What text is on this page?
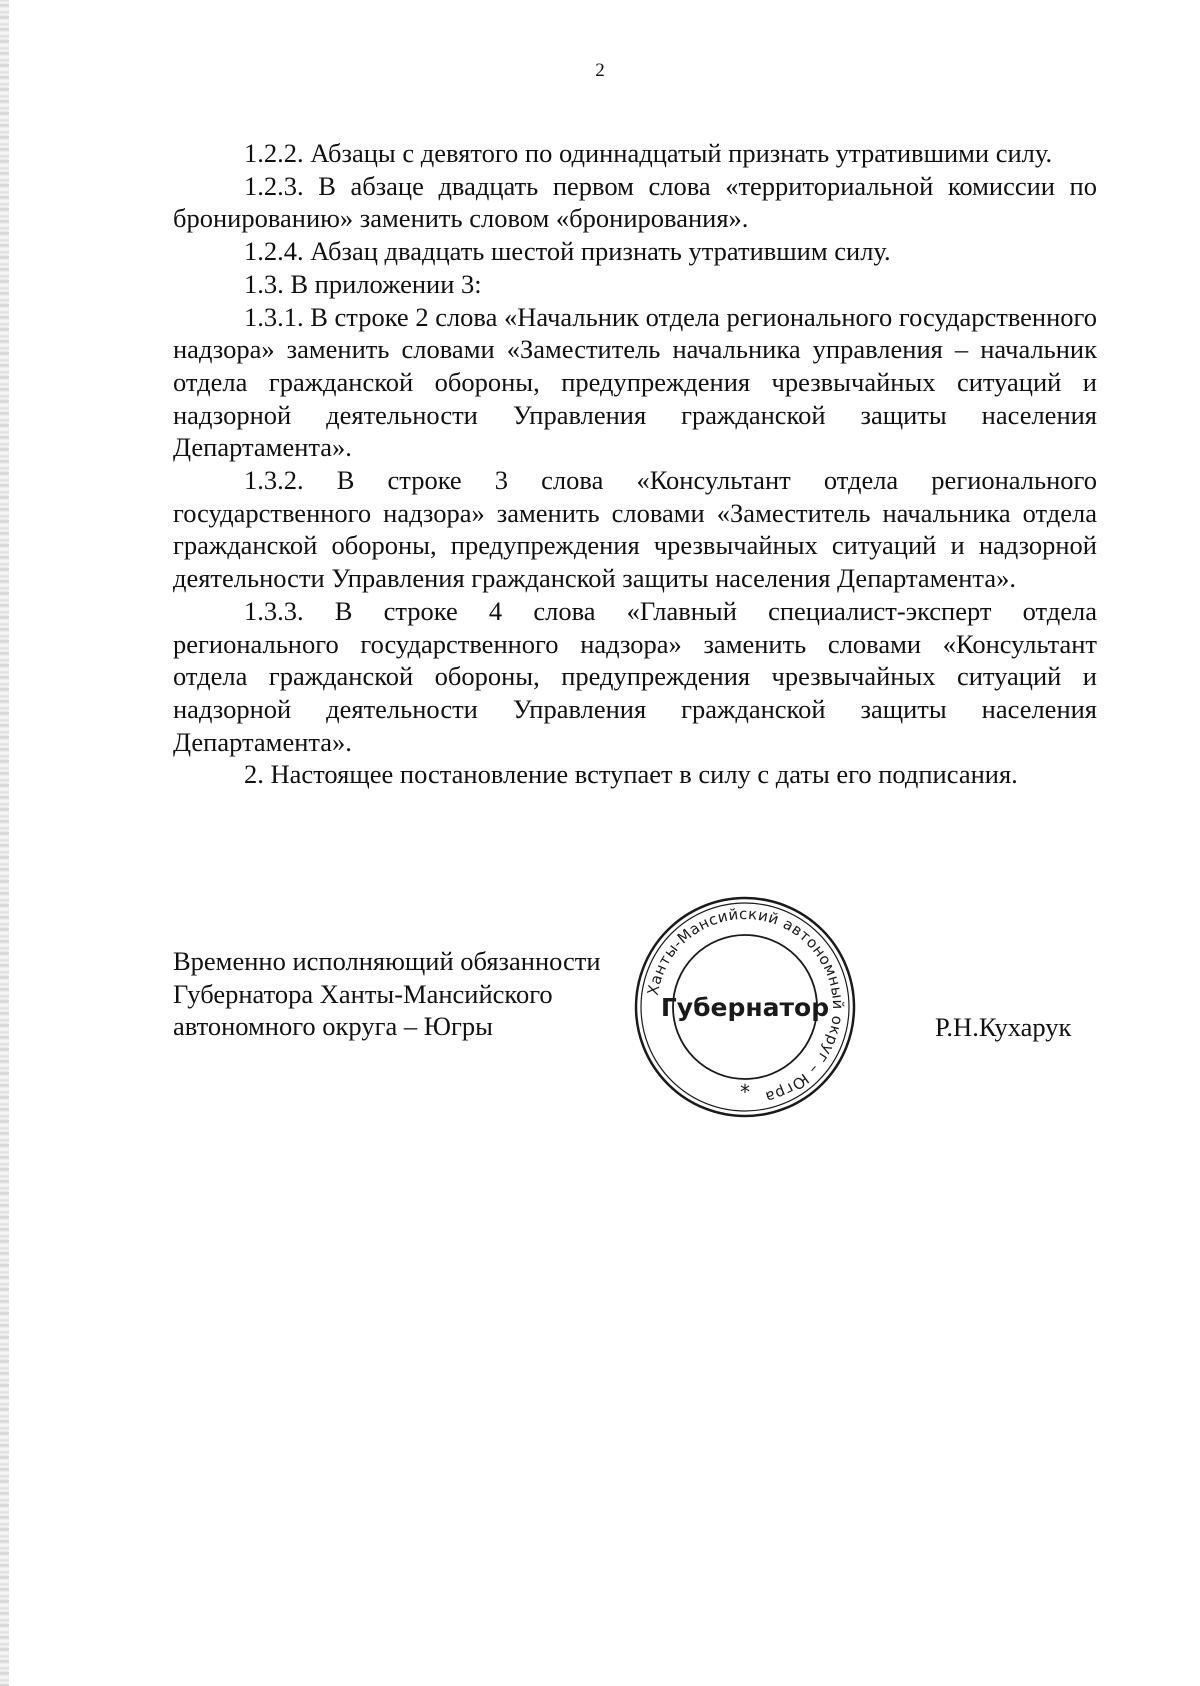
2

1.2.2. Абзацы с девятого по одиннадцатый признать утратившими силу.

1.2.3. В абзаце двадцать первом слова «территориальной комиссии по бронированию» заменить словом «бронирования».

1.2.4. Абзац двадцать шестой признать утратившим силу.

1.3. В приложении 3:

1.3.1. В строке 2 слова «Начальник отдела регионального государственного надзора» заменить словами «Заместитель начальника управления – начальник отдела гражданской обороны, предупреждения чрезвычайных ситуаций и надзорной деятельности Управления гражданской защиты населения Департамента».

1.3.2. В строке 3 слова «Консультант отдела регионального государственного надзора» заменить словами «Заместитель начальника отдела гражданской обороны, предупреждения чрезвычайных ситуаций и надзорной деятельности Управления гражданской защиты населения Департамента».

1.3.3. В строке 4 слова «Главный специалист-эксперт отдела регионального государственного надзора» заменить словами «Консультант отдела гражданской обороны, предупреждения чрезвычайных ситуаций и надзорной деятельности Управления гражданской защиты населения Департамента».

2. Настоящее постановление вступает в силу с даты его подписания.

Временно исполняющий обязанности
Губернатора Ханты-Мансийского
автономного округа – Югры
Ханты-Мансийский автономный округ – Югра
Губернатор
*
Р.Н.Кухарук
